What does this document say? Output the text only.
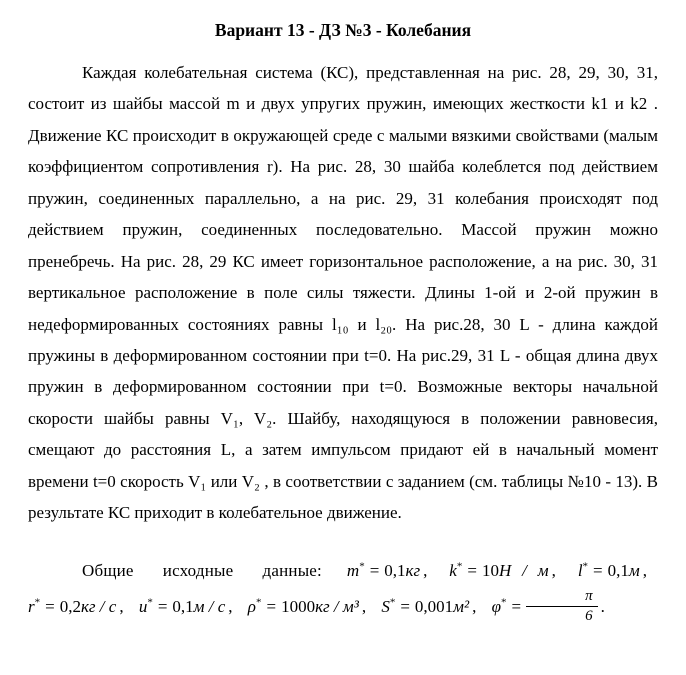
Вариант 13 - ДЗ №3 - Колебания

Каждая колебательная система (КС), представленная на рис. 28, 29, 30, 31, состоит из шайбы массой m и двух упругих пружин, имеющих жесткости k1 и k2 . Движение КС происходит в окружающей среде с малыми вязкими свойствами (малым коэффициентом сопротивления r). На рис. 28, 30 шайба колеблется под действием пружин, соединенных параллельно, а на рис. 29, 31 колебания происходят под действием пружин, соединенных последовательно. Массой пружин можно пренебречь. На рис. 28, 29 КС имеет горизонтальное расположение, а на рис. 30, 31 вертикальное расположение в поле силы тяжести. Длины 1-ой и 2-ой пружин в недеформированных состояниях равны l₁₀ и l₂₀. На рис.28, 30 L - длина каждой пружины в деформированном состоянии при t=0. На рис.29, 31 L - общая длина двух пружин в деформированном состоянии при t=0. Возможные векторы начальной скорости шайбы равны V₁, V₂. Шайбу, находящуюся в положении равновесия, смещают до расстояния L, а затем импульсом придают ей в начальный момент времени t=0 скорость V₁ или V₂ , в соответствии с заданием (см. таблицы №10 - 13). В результате КС приходит в колебательное движение.

Общие исходные данные: m* = 0,1кг , k* = 10Н / м , l* = 0,1м , r* = 0,2кг / с , u* = 0,1м / с , ρ* = 1000кг / м³ , S* = 0,001м² , $\varphi^* = \frac{\pi}{6}$ .
